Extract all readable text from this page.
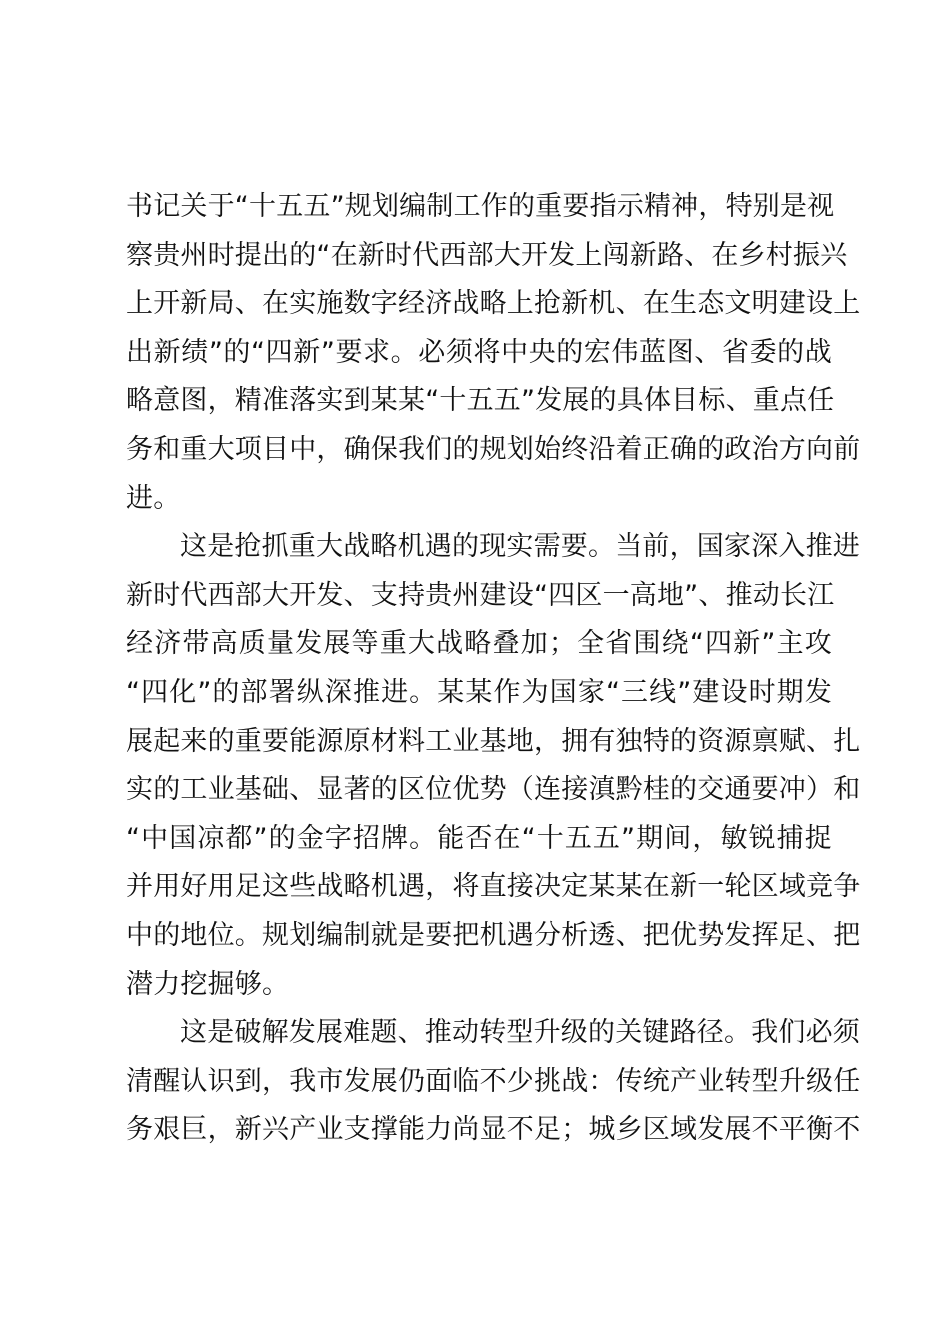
书记关于“十五五”规划编制工作的重要指示精神，特别是视
察贵州时提出的“在新时代西部大开发上闯新路、在乡村振兴
上开新局、在实施数字经济战略上抢新机、在生态文明建设上
出新绩”的“四新”要求。必须将中央的宏伟蓝图、省委的战
略意图，精准落实到某某“十五五”发展的具体目标、重点任
务和重大项目中，确保我们的规划始终沿着正确的政治方向前
进。

这是抢抓重大战略机遇的现实需要。当前，国家深入推进
新时代西部大开发、支持贵州建设“四区一高地”、推动长江
经济带高质量发展等重大战略叠加；全省围绕“四新”主攻
“四化”的部署纵深推进。某某作为国家“三线”建设时期发
展起来的重要能源原材料工业基地，拥有独特的资源禀赋、扎
实的工业基础、显著的区位优势（连接滇黔桂的交通要冲）和
“中国凉都”的金字招牌。能否在“十五五”期间，敏锐捕捉
并用好用足这些战略机遇，将直接决定某某在新一轮区域竞争
中的地位。规划编制就是要把机遇分析透、把优势发挥足、把
潜力挖掘够。

这是破解发展难题、推动转型升级的关键路径。我们必须
清醒认识到，我市发展仍面临不少挑战：传统产业转型升级任
务艰巨，新兴产业支撑能力尚显不足；城乡区域发展不平衡不
